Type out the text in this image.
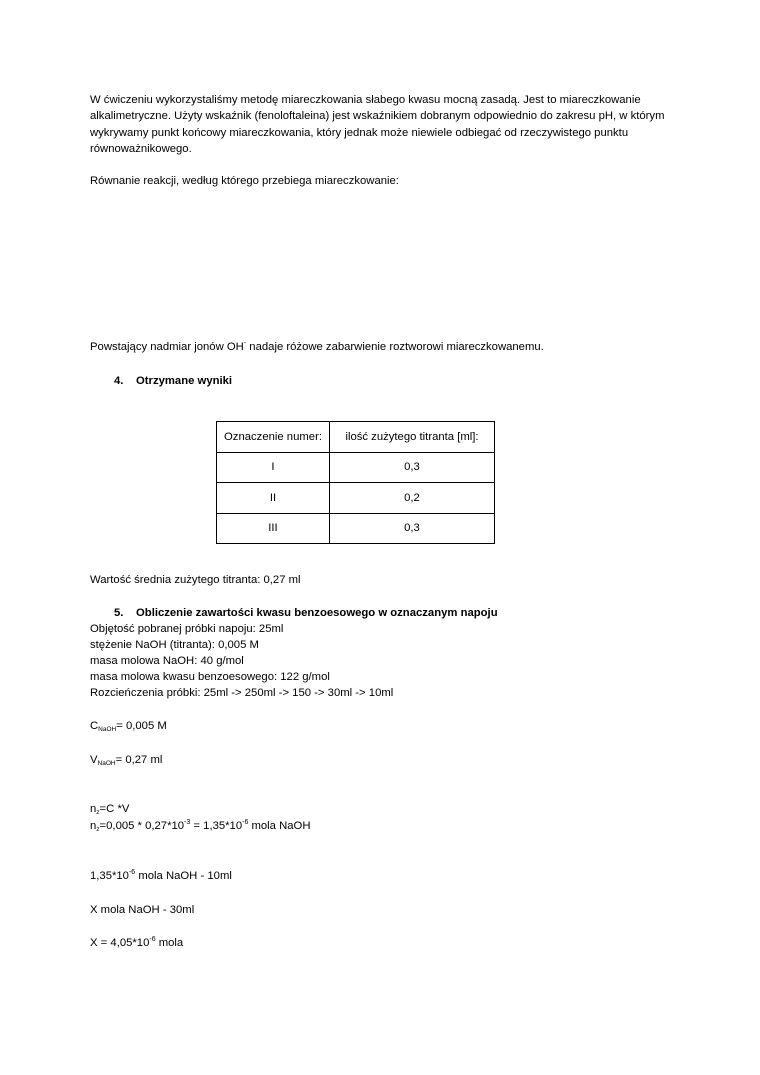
W ćwiczeniu wykorzystaliśmy metodę miareczkowania słabego kwasu mocną zasadą. Jest to miareczkowanie alkalimetryczne. Użyty wskaźnik (fenoloftaleina) jest wskaźnikiem dobranym odpowiednio do zakresu pH, w którym wykrywamy punkt końcowy miareczkowania, który jednak może niewiele odbiegać od rzeczywistego punktu równoważnikowego.
Równanie reakcji, według którego przebiega miareczkowanie:
Powstający nadmiar jonów OH- nadaje różowe zabarwienie roztworowi miareczkowanemu.
4. Otrzymane wyniki
Oznaczenie numer:	ilość zużytego titranta [ml]:
I	0,3
II	0,2
III	0,3
Wartość średnia zużytego titranta: 0,27 ml
5. Obliczenie zawartości kwasu benzoesowego w oznaczanym napoju
Objętość pobranej próbki napoju: 25ml
stężenie NaOH (titranta): 0,005 M
masa molowa NaOH: 40 g/mol
masa molowa kwasu benzoesowego: 122 g/mol
Rozcieńczenia próbki: 25ml -> 250ml -> 150 -> 30ml -> 10ml
$C_{NaOH}= 0,005$ M
$V_{NaOH}= 0,27$ ml
$n_z=C$ *V
$n_z=0,005 * 0,27*10^{-3} = 1,35*10^{-6}$ mola NaOH
$1,35*10^{-6}$ mola NaOH - 10ml
X mola NaOH - 30ml
$X = 4,05*10^{-6}$ mola
